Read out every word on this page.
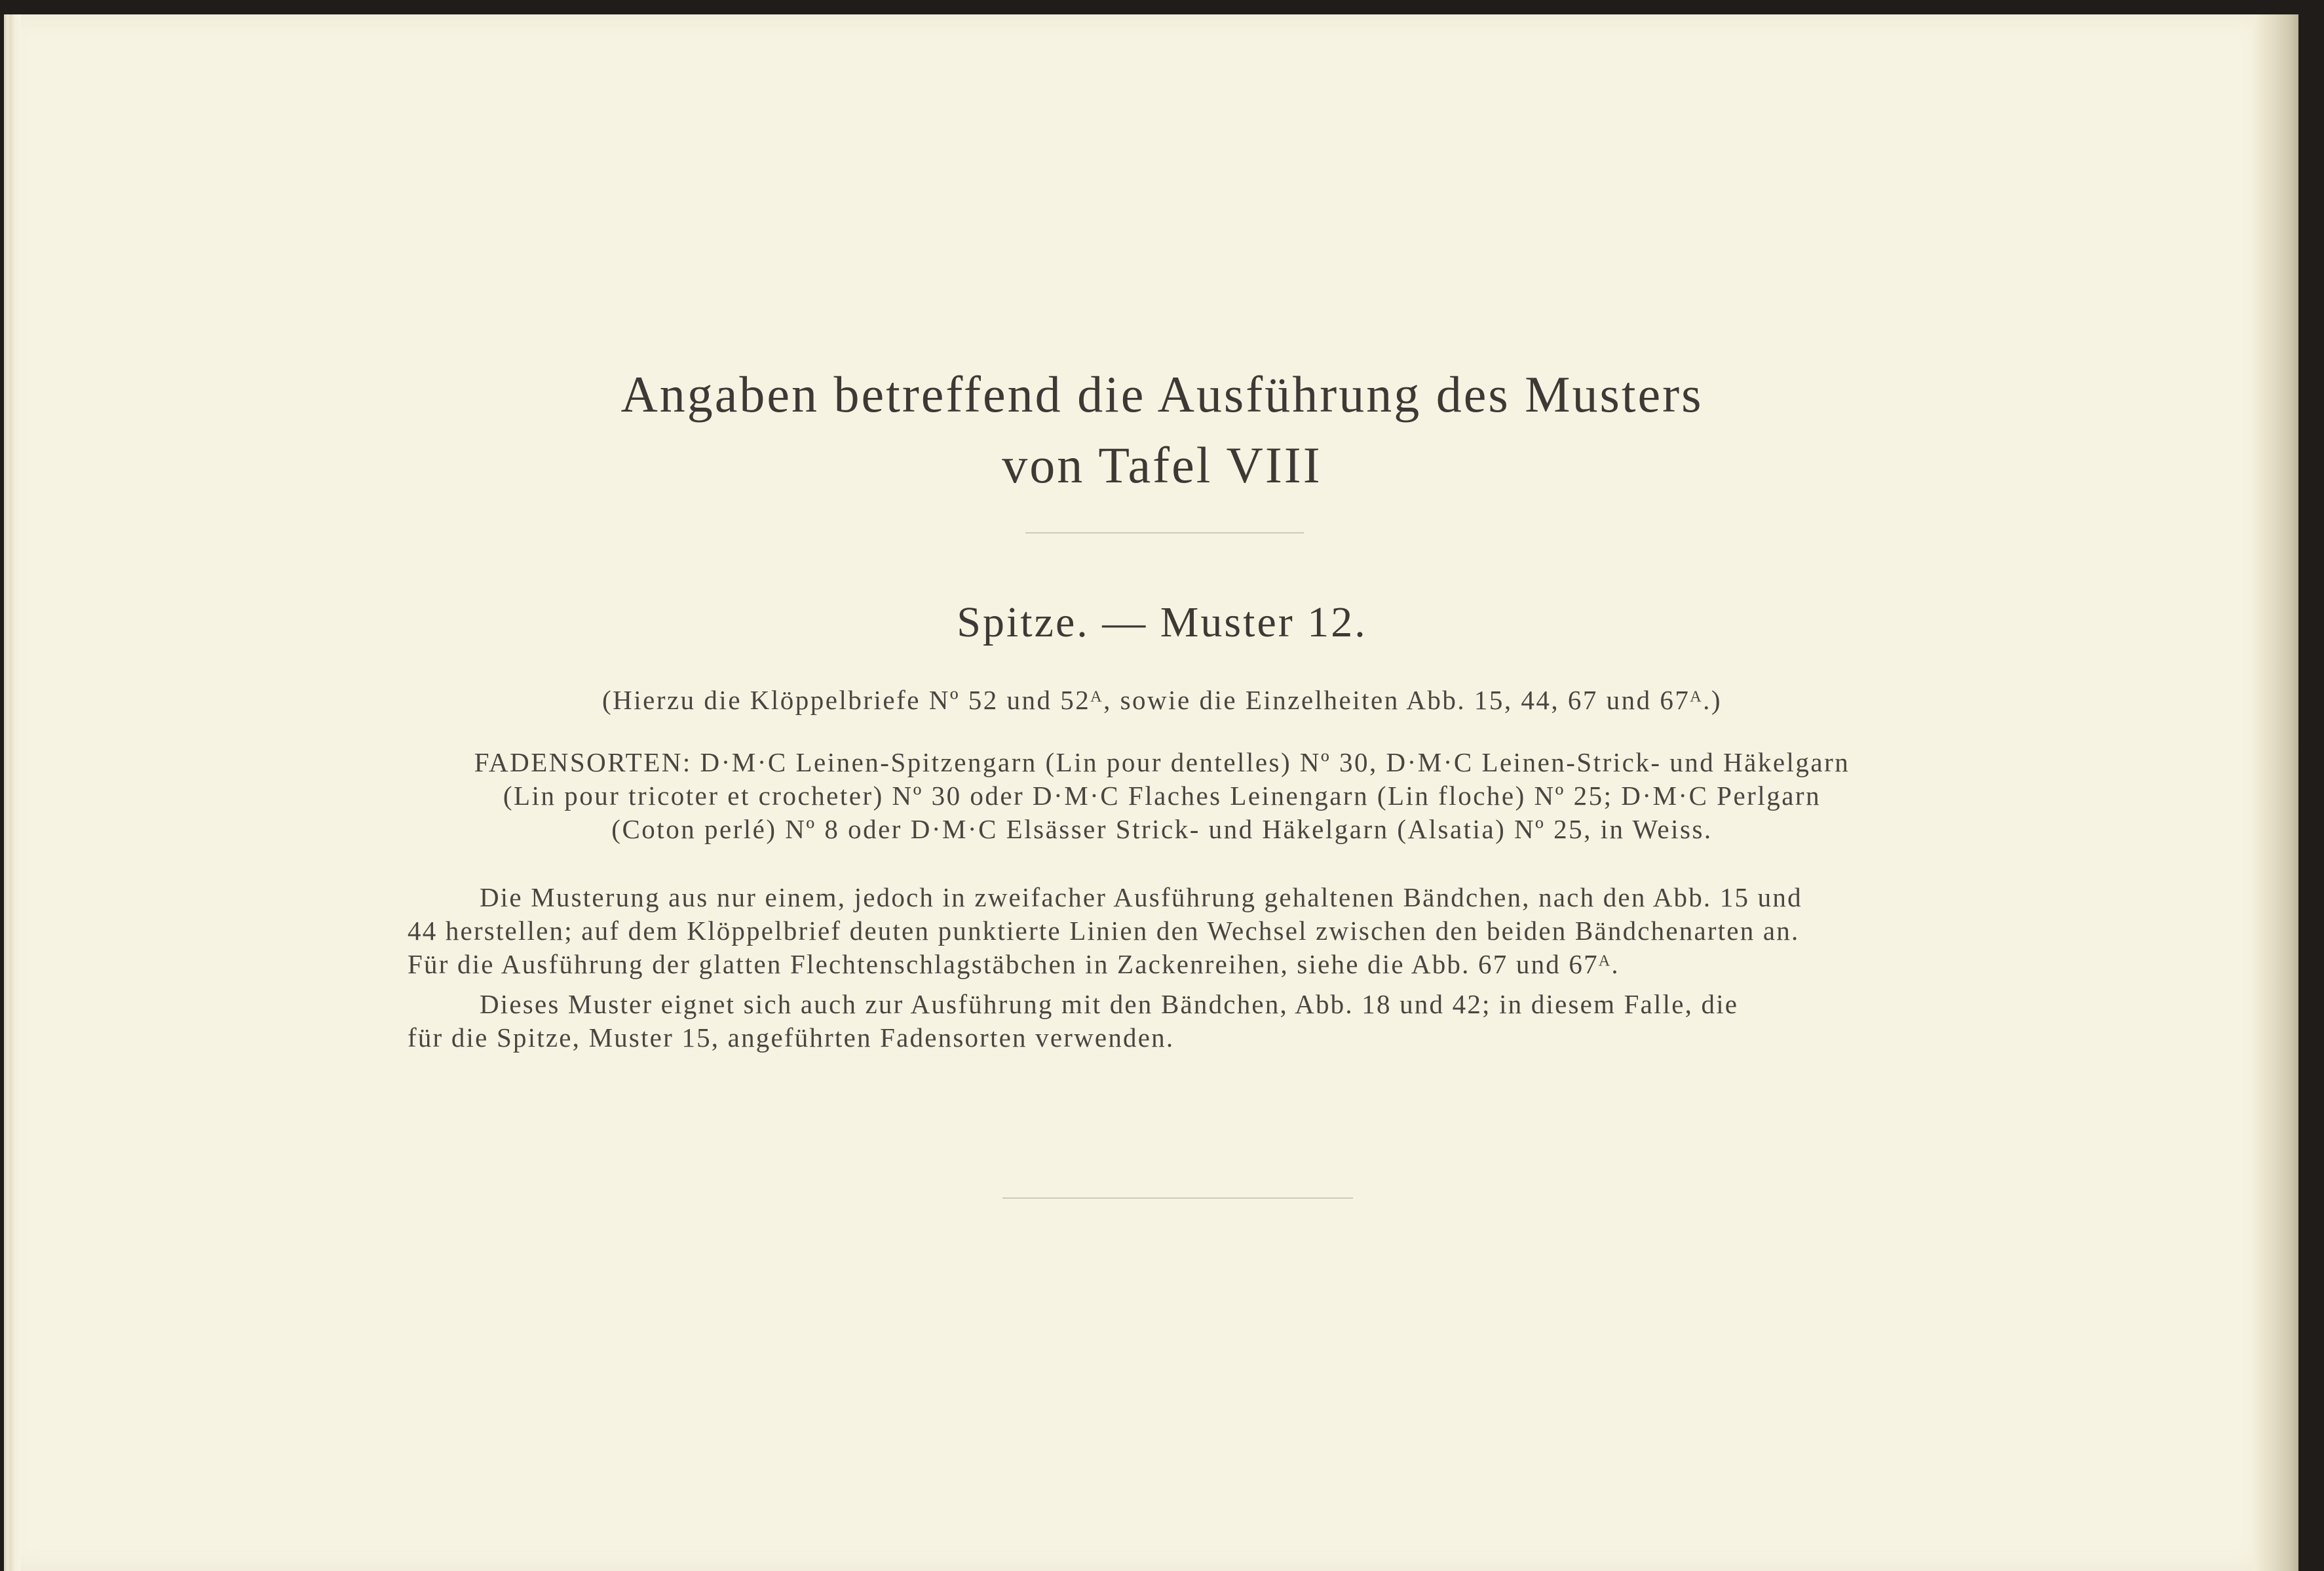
Angaben betreffend die Ausführung des Musters
von Tafel VIII
Spitze. — Muster 12.
(Hierzu die Klöppelbriefe Nº 52 und 52ᴬ, sowie die Einzelheiten Abb. 15, 44, 67 und 67ᴬ.)
FADENSORTEN: D·M·C Leinen-Spitzengarn (Lin pour dentelles) Nº 30, D·M·C Leinen-Strick- und Häkelgarn
(Lin pour tricoter et crocheter) Nº 30 oder D·M·C Flaches Leinengarn (Lin floche) Nº 25; D·M·C Perlgarn
(Coton perlé) Nº 8 oder D·M·C Elsässer Strick- und Häkelgarn (Alsatia) Nº 25, in Weiss.
Die Musterung aus nur einem, jedoch in zweifacher Ausführung gehaltenen Bändchen, nach den Abb. 15 und
44 herstellen; auf dem Klöppelbrief deuten punktierte Linien den Wechsel zwischen den beiden Bändchenarten an.
Für die Ausführung der glatten Flechtenschlagstäbchen in Zackenreihen, siehe die Abb. 67 und 67ᴬ.
Dieses Muster eignet sich auch zur Ausführung mit den Bändchen, Abb. 18 und 42; in diesem Falle, die
für die Spitze, Muster 15, angeführten Fadensorten verwenden.
